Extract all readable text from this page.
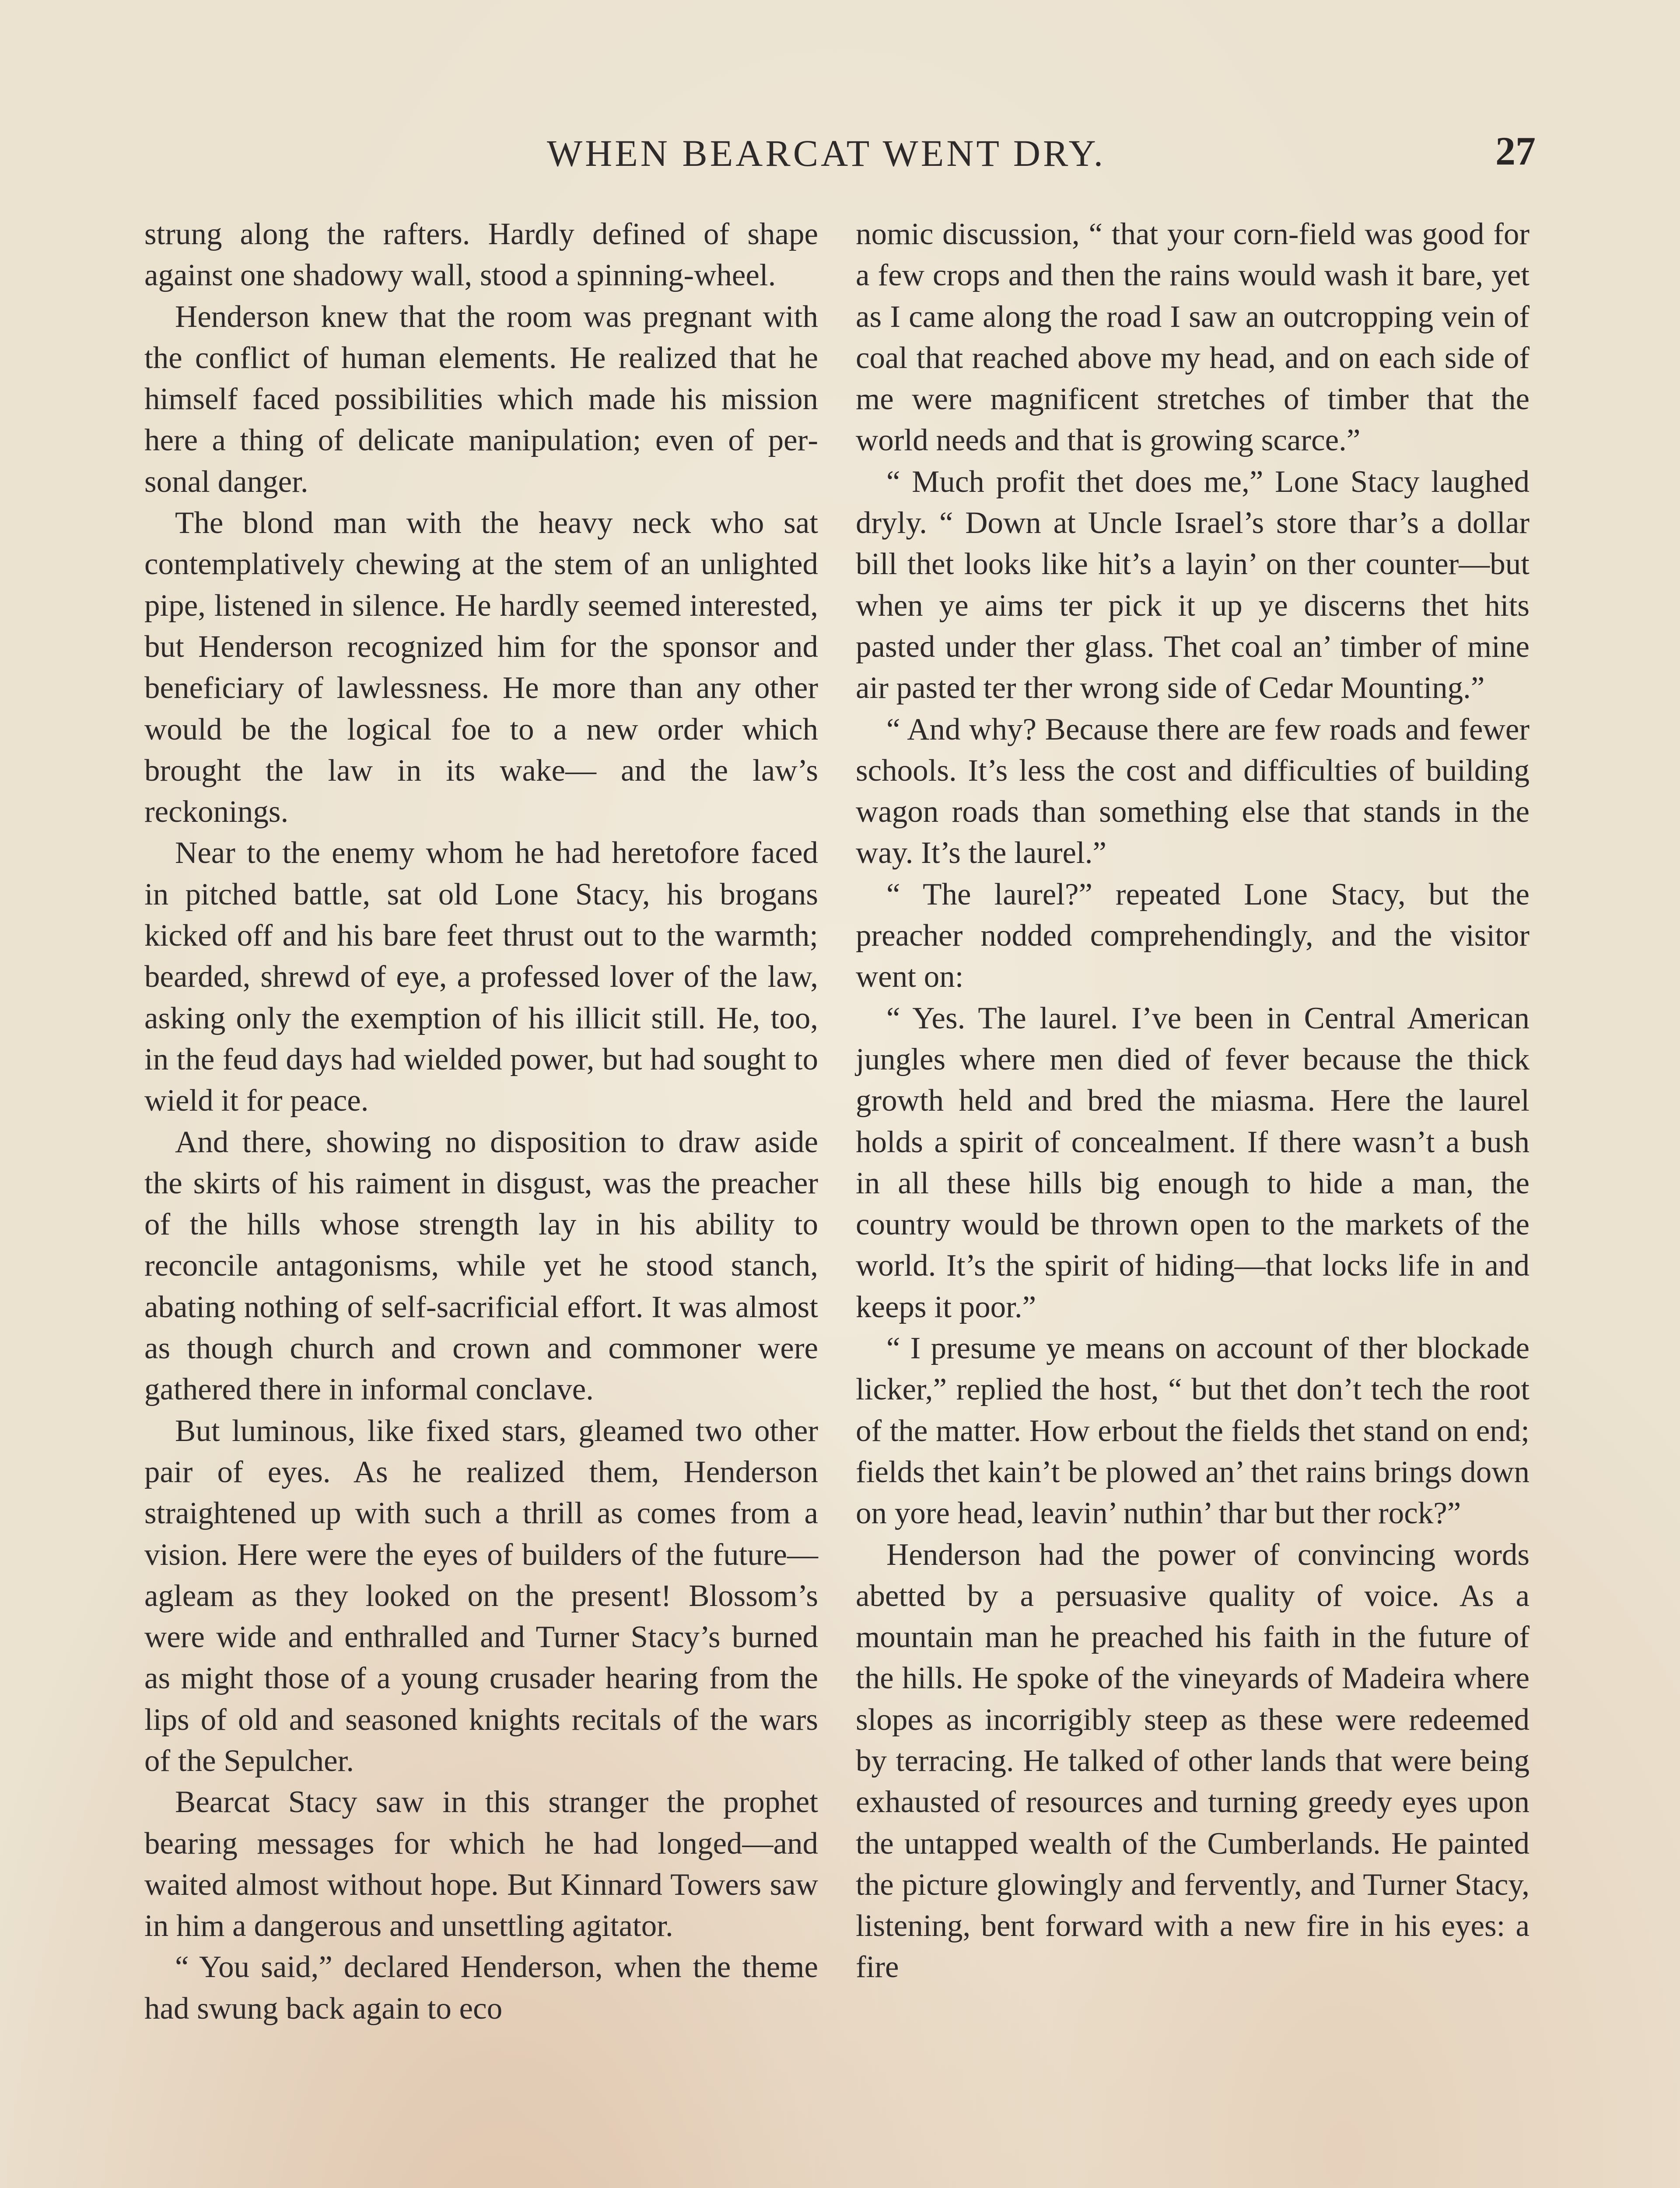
WHEN BEARCAT WENT DRY.	27

strung along the rafters. Hardly defined of shape against one shadowy wall, stood a spinning-wheel.

Henderson knew that the room was pregnant with the conflict of human elements. He realized that he himself faced possibilities which made his mission here a thing of delicate manipulation; even of personal danger.

The blond man with the heavy neck who sat contemplatively chewing at the stem of an unlighted pipe, listened in silence. He hardly seemed interested, but Henderson recognized him for the sponsor and beneficiary of lawlessness. He more than any other would be the logical foe to a new order which brought the law in its wake— and the law’s reckonings.

Near to the enemy whom he had heretofore faced in pitched battle, sat old Lone Stacy, his brogans kicked off and his bare feet thrust out to the warmth; bearded, shrewd of eye, a professed lover of the law, asking only the exemption of his illicit still. He, too, in the feud days had wielded power, but had sought to wield it for peace.

And there, showing no disposition to draw aside the skirts of his raiment in disgust, was the preacher of the hills whose strength lay in his ability to reconcile antagonisms, while yet he stood stanch, abating nothing of self-sacrificial effort. It was almost as though church and crown and commoner were gathered there in informal conclave.

But luminous, like fixed stars, gleamed two other pair of eyes. As he realized them, Henderson straightened up with such a thrill as comes from a vision. Here were the eyes of builders of the future—agleam as they looked on the present! Blossom’s were wide and enthralled and Turner Stacy’s burned as might those of a young crusader hearing from the lips of old and seasoned knights recitals of the wars of the Sepulcher.

Bearcat Stacy saw in this stranger the prophet bearing messages for which he had longed—and waited almost without hope. But Kinnard Towers saw in him a dangerous and unsettling agitator.

“ You said,” declared Henderson, when the theme had swung back again to eco

nomic discussion, “ that your corn-field was good for a few crops and then the rains would wash it bare, yet as I came along the road I saw an outcropping vein of coal that reached above my head, and on each side of me were magnificent stretches of timber that the world needs and that is growing scarce.”

“ Much profit thet does me,” Lone Stacy laughed dryly. “ Down at Uncle Israel’s store thar’s a dollar bill thet looks like hit’s a layin’ on ther counter—but when ye aims ter pick it up ye discerns thet hits pasted under ther glass. Thet coal an’ timber of mine air pasted ter ther wrong side of Cedar Mounting.”

“ And why? Because there are few roads and fewer schools. It’s less the cost and difficulties of building wagon roads than something else that stands in the way. It’s the laurel.”

“ The laurel?” repeated Lone Stacy, but the preacher nodded comprehendingly, and the visitor went on:

“ Yes. The laurel. I’ve been in Central American jungles where men died of fever because the thick growth held and bred the miasma. Here the laurel holds a spirit of concealment. If there wasn’t a bush in all these hills big enough to hide a man, the country would be thrown open to the markets of the world. It’s the spirit of hiding—that locks life in and keeps it poor.”

“ I presume ye means on account of ther blockade licker,” replied the host, “ but thet don’t tech the root of the matter. How erbout the fields thet stand on end; fields thet kain’t be plowed an’ thet rains brings down on yore head, leavin’ nuthin’ thar but ther rock?”

Henderson had the power of convincing words abetted by a persuasive quality of voice. As a mountain man he preached his faith in the future of the hills. He spoke of the vineyards of Madeira where slopes as incorrigibly steep as these were redeemed by terracing. He talked of other lands that were being exhausted of resources and turning greedy eyes upon the untapped wealth of the Cumberlands. He painted the picture glowingly and fervently, and Turner Stacy, listening, bent forward with a new fire in his eyes: a fire
